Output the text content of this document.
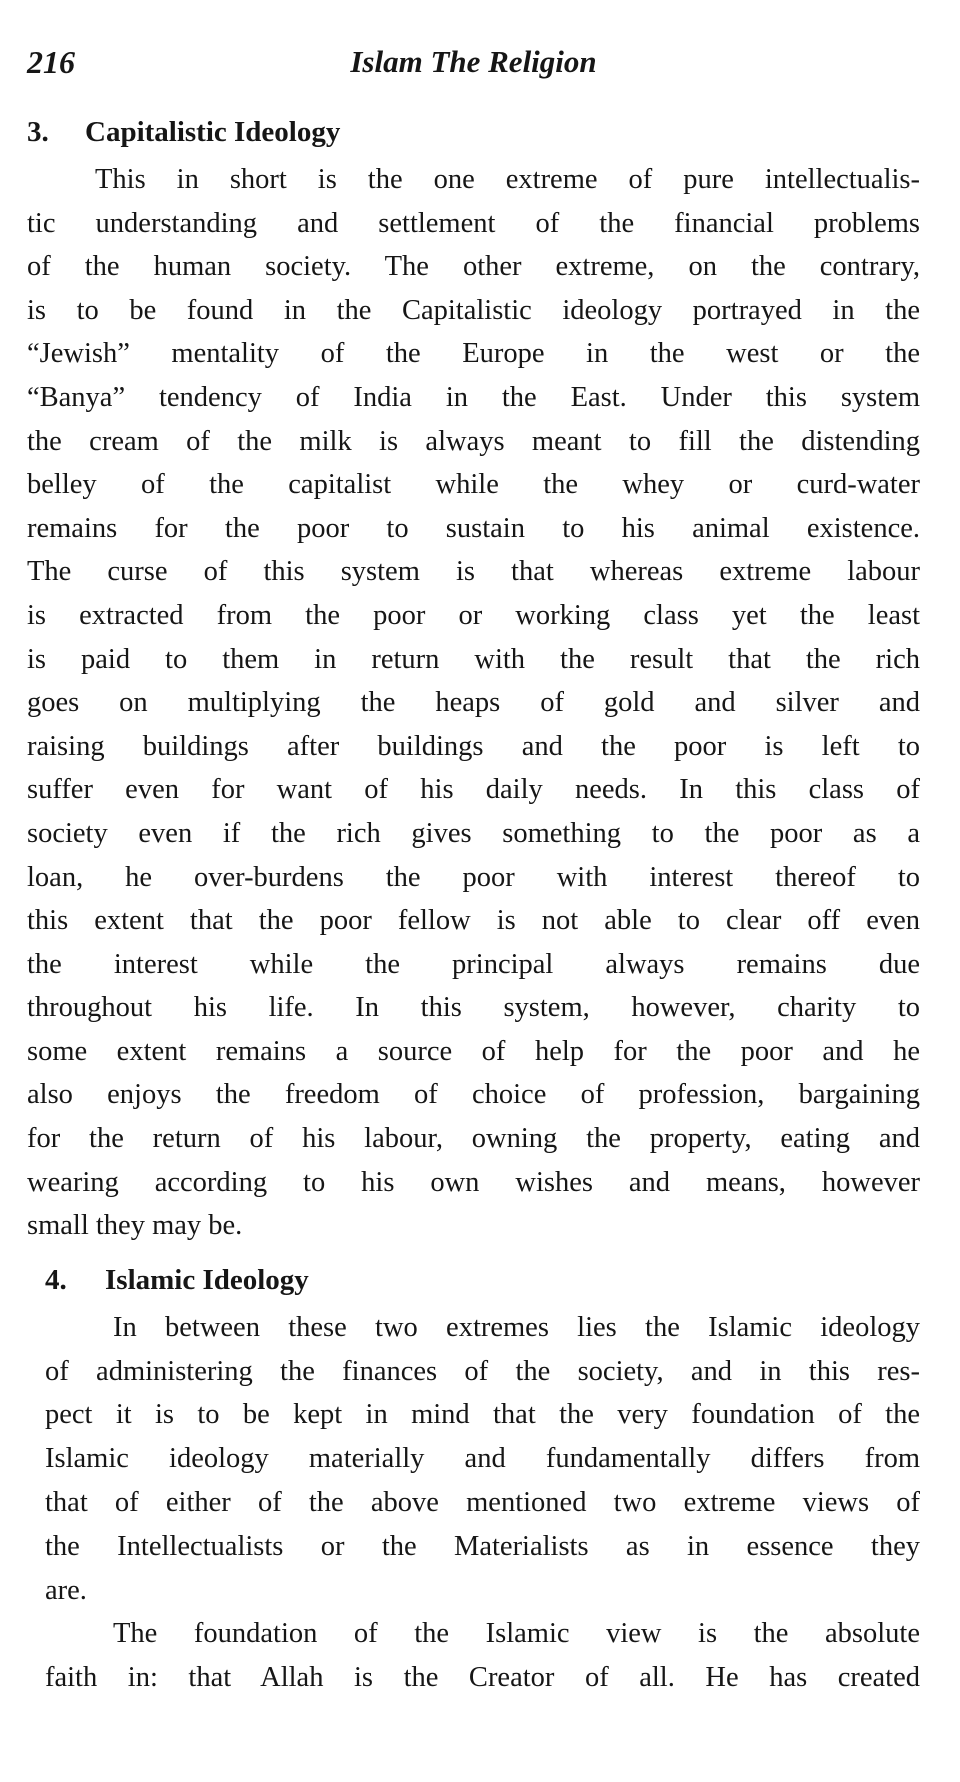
216	Islam The Religion
3. Capitalistic Ideology
This in short is the one extreme of pure intellectualis-
tic understanding and settlement of the financial problems
of the human society. The other extreme, on the contrary,
is to be found in the Capitalistic ideology portrayed in the
“Jewish” mentality of the Europe in the west or the
“Banya” tendency of India in the East. Under this system
the cream of the milk is always meant to fill the distending
belley of the capitalist while the whey or curd-water
remains for the poor to sustain to his animal existence.
The curse of this system is that whereas extreme labour
is extracted from the poor or working class yet the least
is paid to them in return with the result that the rich
goes on multiplying the heaps of gold and silver and
raising buildings after buildings and the poor is left to
suffer even for want of his daily needs. In this class of
society even if the rich gives something to the poor as a
loan, he over-burdens the poor with interest thereof to
this extent that the poor fellow is not able to clear off even
the interest while the principal always remains due
throughout his life. In this system, however, charity to
some extent remains a source of help for the poor and he
also enjoys the freedom of choice of profession, bargaining
for the return of his labour, owning the property, eating and
wearing according to his own wishes and means, however
small they may be.
4. Islamic Ideology
In between these two extremes lies the Islamic ideology
of administering the finances of the society, and in this res-
pect it is to be kept in mind that the very foundation of the
Islamic ideology materially and fundamentally differs from
that of either of the above mentioned two extreme views of
the Intellectualists or the Materialists as in essence they
are.
The foundation of the Islamic view is the absolute
faith in: that Allah is the Creator of all. He has created
